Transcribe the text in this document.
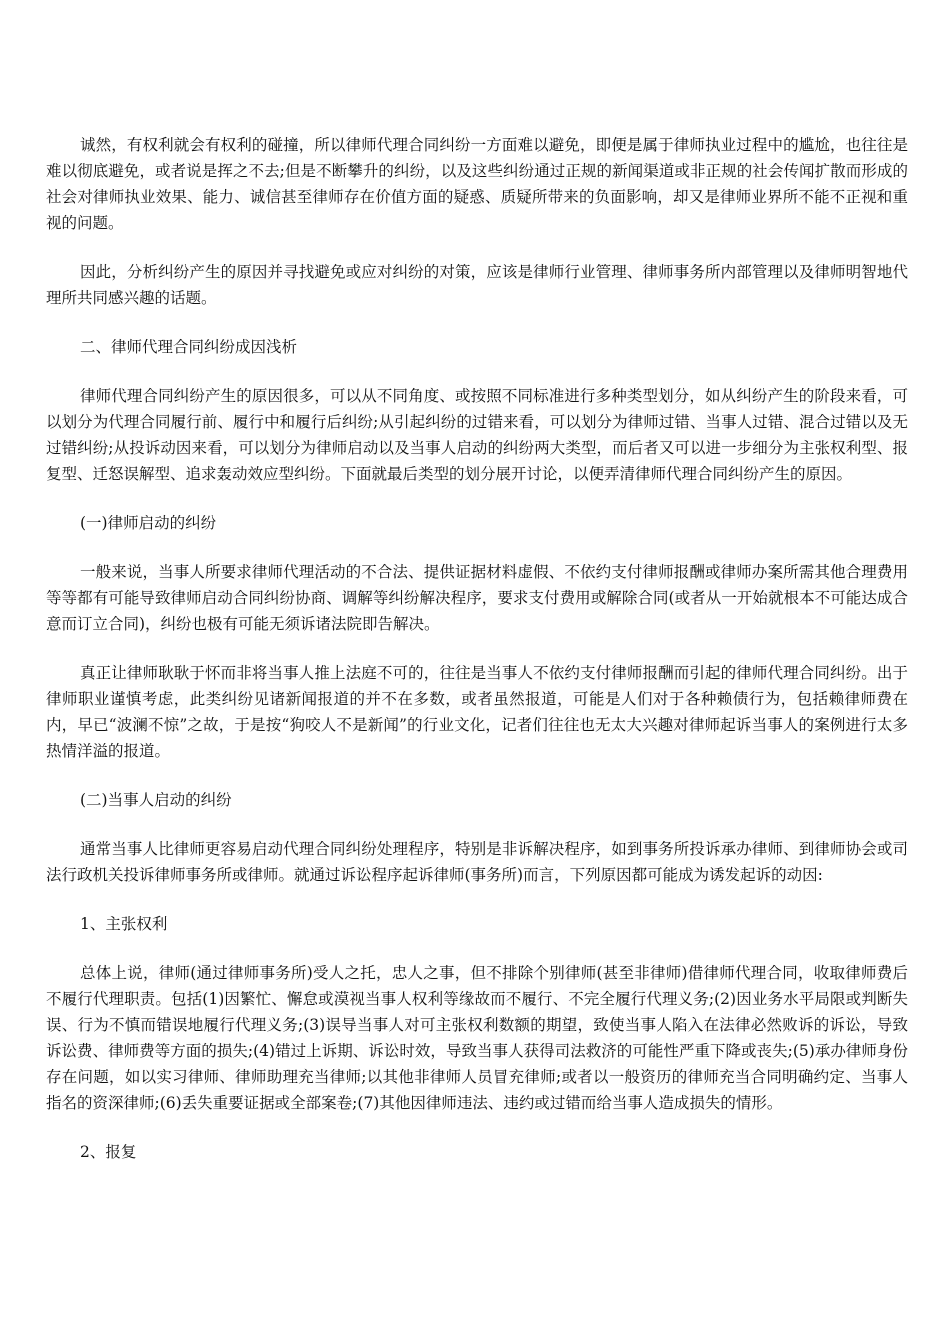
诚然，有权利就会有权利的碰撞，所以律师代理合同纠纷一方面难以避免，即便是属于律师执业过程中的尴尬，也往往是难以彻底避免，或者说是挥之不去;但是不断攀升的纠纷，以及这些纠纷通过正规的新闻渠道或非正规的社会传闻扩散而形成的社会对律师执业效果、能力、诚信甚至律师存在价值方面的疑惑、质疑所带来的负面影响，却又是律师业界所不能不正视和重视的问题。

因此，分析纠纷产生的原因并寻找避免或应对纠纷的对策，应该是律师行业管理、律师事务所内部管理以及律师明智地代理所共同感兴趣的话题。

二、律师代理合同纠纷成因浅析

律师代理合同纠纷产生的原因很多，可以从不同角度、或按照不同标准进行多种类型划分，如从纠纷产生的阶段来看，可以划分为代理合同履行前、履行中和履行后纠纷;从引起纠纷的过错来看，可以划分为律师过错、当事人过错、混合过错以及无过错纠纷;从投诉动因来看，可以划分为律师启动以及当事人启动的纠纷两大类型，而后者又可以进一步细分为主张权利型、报复型、迁怒误解型、追求轰动效应型纠纷。下面就最后类型的划分展开讨论，以便弄清律师代理合同纠纷产生的原因。

(一)律师启动的纠纷

一般来说，当事人所要求律师代理活动的不合法、提供证据材料虚假、不依约支付律师报酬或律师办案所需其他合理费用等等都有可能导致律师启动合同纠纷协商、调解等纠纷解决程序，要求支付费用或解除合同(或者从一开始就根本不可能达成合意而订立合同)，纠纷也极有可能无须诉诸法院即告解决。

真正让律师耿耿于怀而非将当事人推上法庭不可的，往往是当事人不依约支付律师报酬而引起的律师代理合同纠纷。出于律师职业谨慎考虑，此类纠纷见诸新闻报道的并不在多数，或者虽然报道，可能是人们对于各种赖债行为，包括赖律师费在内，早已“波澜不惊”之故，于是按“狗咬人不是新闻”的行业文化，记者们往往也无太大兴趣对律师起诉当事人的案例进行太多热情洋溢的报道。

(二)当事人启动的纠纷

通常当事人比律师更容易启动代理合同纠纷处理程序，特别是非诉解决程序，如到事务所投诉承办律师、到律师协会或司法行政机关投诉律师事务所或律师。就通过诉讼程序起诉律师(事务所)而言，下列原因都可能成为诱发起诉的动因:

1、主张权利

总体上说，律师(通过律师事务所)受人之托，忠人之事，但不排除个别律师(甚至非律师)借律师代理合同，收取律师费后不履行代理职责。包括(1)因繁忙、懈怠或漠视当事人权利等缘故而不履行、不完全履行代理义务;(2)因业务水平局限或判断失误、行为不慎而错误地履行代理义务;(3)误导当事人对可主张权利数额的期望，致使当事人陷入在法律必然败诉的诉讼，导致诉讼费、律师费等方面的损失;(4)错过上诉期、诉讼时效，导致当事人获得司法救济的可能性严重下降或丧失;(5)承办律师身份存在问题，如以实习律师、律师助理充当律师;以其他非律师人员冒充律师;或者以一般资历的律师充当合同明确约定、当事人指名的资深律师;(6)丢失重要证据或全部案卷;(7)其他因律师违法、违约或过错而给当事人造成损失的情形。

2、报复
